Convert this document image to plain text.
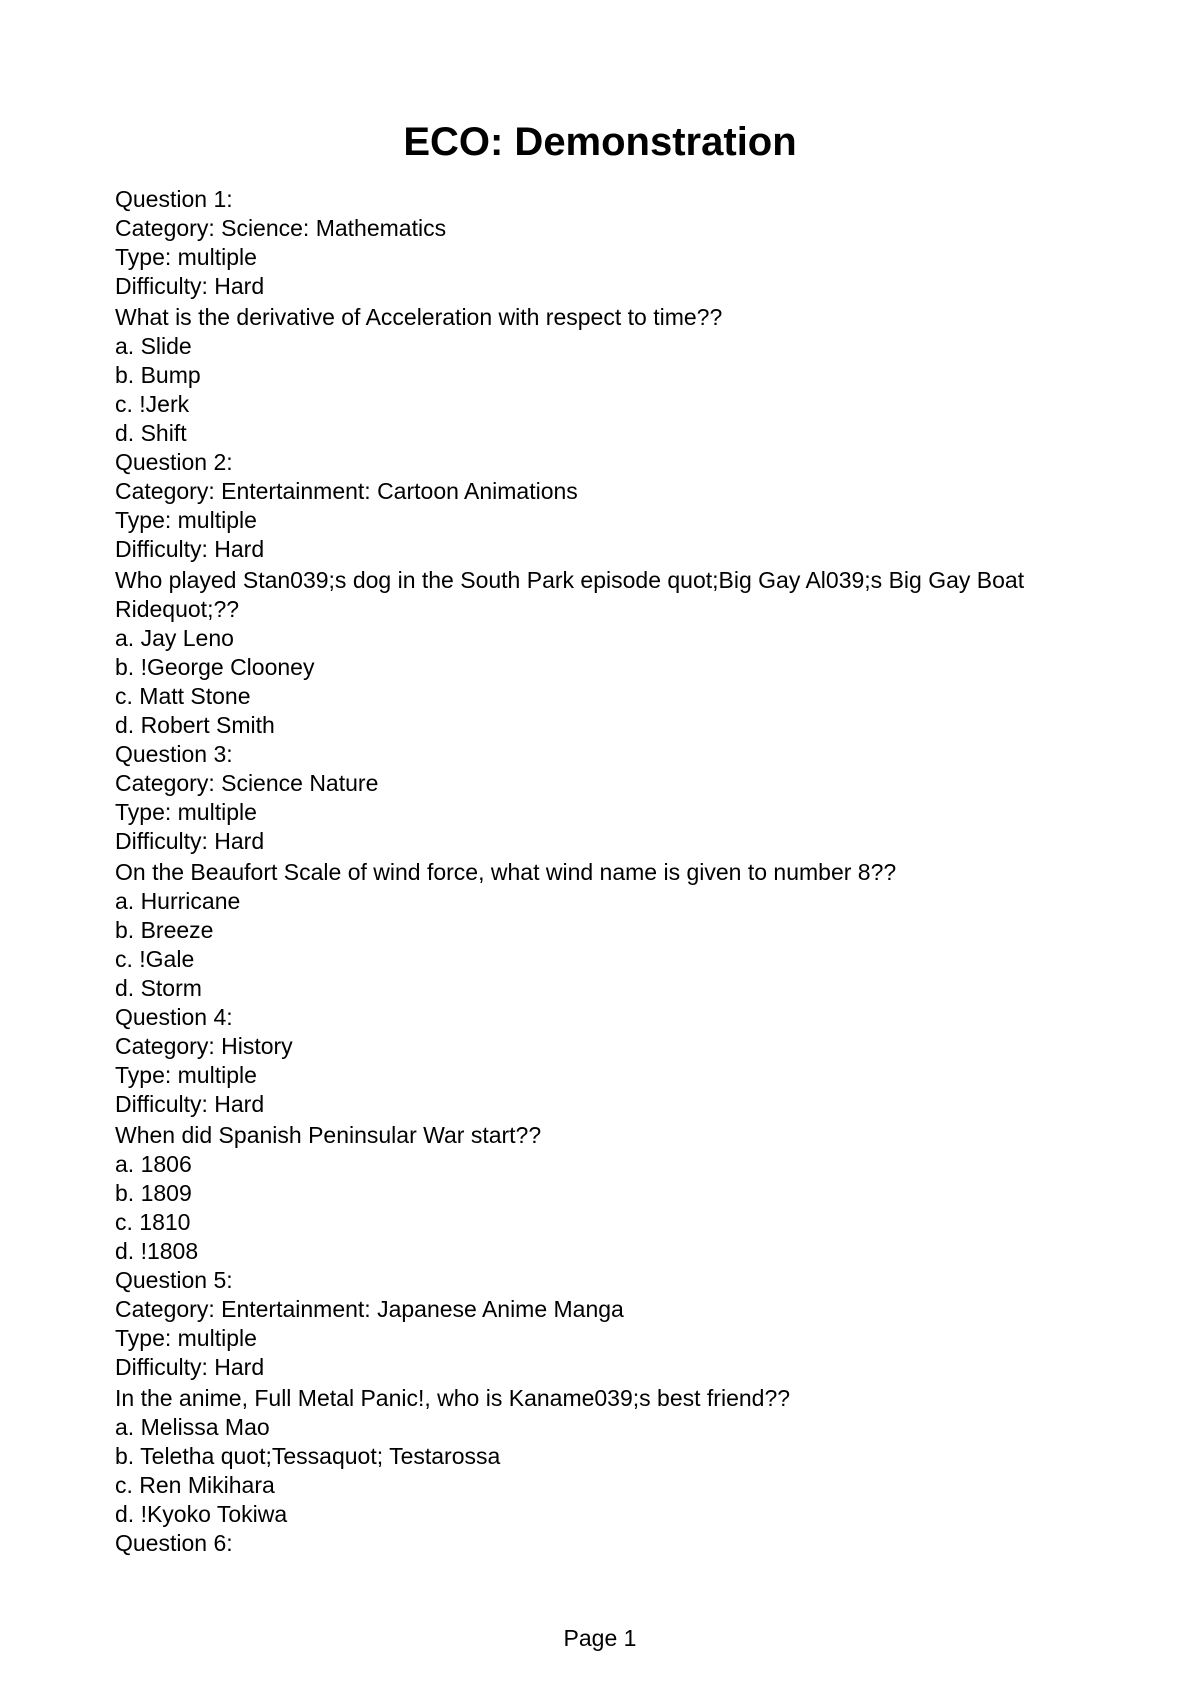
ECO: Demonstration
Question 1:
Category: Science: Mathematics
Type: multiple
Difficulty: Hard
What is the derivative of Acceleration with respect to time??
a. Slide
b. Bump
c. !Jerk
d. Shift
Question 2:
Category: Entertainment: Cartoon Animations
Type: multiple
Difficulty: Hard
Who played Stan039;s dog in the South Park episode quot;Big Gay Al039;s Big Gay Boat Ridequot;??
a. Jay Leno
b. !George Clooney
c. Matt Stone
d. Robert Smith
Question 3:
Category: Science Nature
Type: multiple
Difficulty: Hard
On the Beaufort Scale of wind force, what wind name is given to number 8??
a. Hurricane
b. Breeze
c. !Gale
d. Storm
Question 4:
Category: History
Type: multiple
Difficulty: Hard
When did Spanish Peninsular War start??
a. 1806
b. 1809
c. 1810
d. !1808
Question 5:
Category: Entertainment: Japanese Anime Manga
Type: multiple
Difficulty: Hard
In the anime, Full Metal Panic!, who is Kaname039;s best friend??
a. Melissa Mao
b. Teletha quot;Tessaquot; Testarossa
c. Ren Mikihara
d. !Kyoko Tokiwa
Question 6:
Page 1
